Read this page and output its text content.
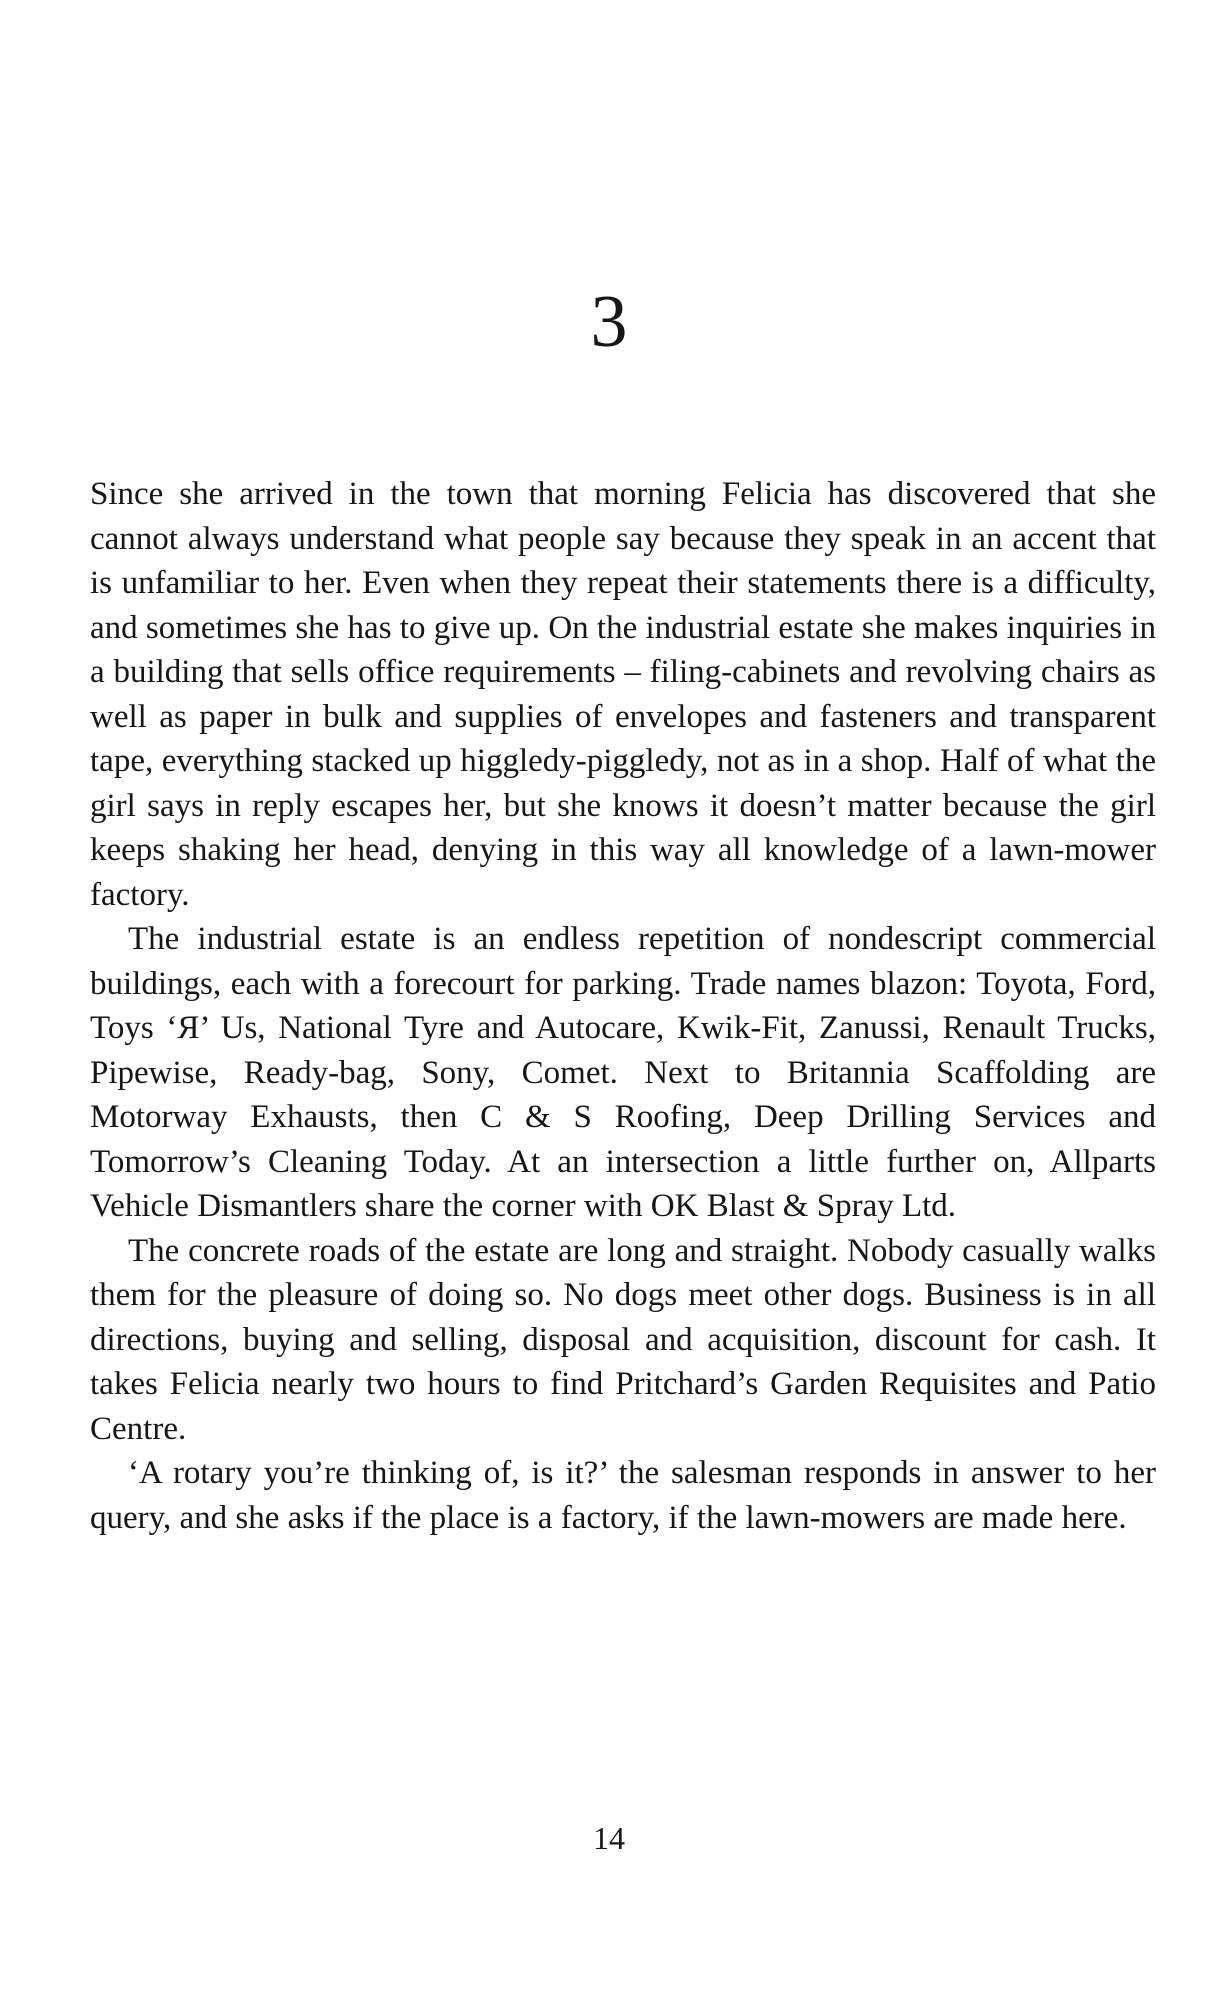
3

Since she arrived in the town that morning Felicia has discovered that she cannot always understand what people say because they speak in an accent that is unfamiliar to her. Even when they repeat their statements there is a difficulty, and sometimes she has to give up. On the industrial estate she makes inquiries in a building that sells office requirements – filing-cabinets and revolving chairs as well as paper in bulk and supplies of envelopes and fasteners and transparent tape, everything stacked up higgledy-piggledy, not as in a shop. Half of what the girl says in reply escapes her, but she knows it doesn’t matter because the girl keeps shaking her head, denying in this way all knowledge of a lawn-mower factory.

The industrial estate is an endless repetition of nondescript commercial buildings, each with a forecourt for parking. Trade names blazon: Toyota, Ford, Toys ‘Я’ Us, National Tyre and Autocare, Kwik-Fit, Zanussi, Renault Trucks, Pipewise, Ready-bag, Sony, Comet. Next to Britannia Scaffolding are Motorway Exhausts, then C & S Roofing, Deep Drilling Services and Tomorrow’s Cleaning Today. At an intersection a little further on, Allparts Vehicle Dismantlers share the corner with OK Blast & Spray Ltd.

The concrete roads of the estate are long and straight. Nobody casually walks them for the pleasure of doing so. No dogs meet other dogs. Business is in all directions, buying and selling, disposal and acquisition, discount for cash. It takes Felicia nearly two hours to find Pritchard’s Garden Requisites and Patio Centre.

‘A rotary you’re thinking of, is it?’ the salesman responds in answer to her query, and she asks if the place is a factory, if the lawn-mowers are made here.

14
